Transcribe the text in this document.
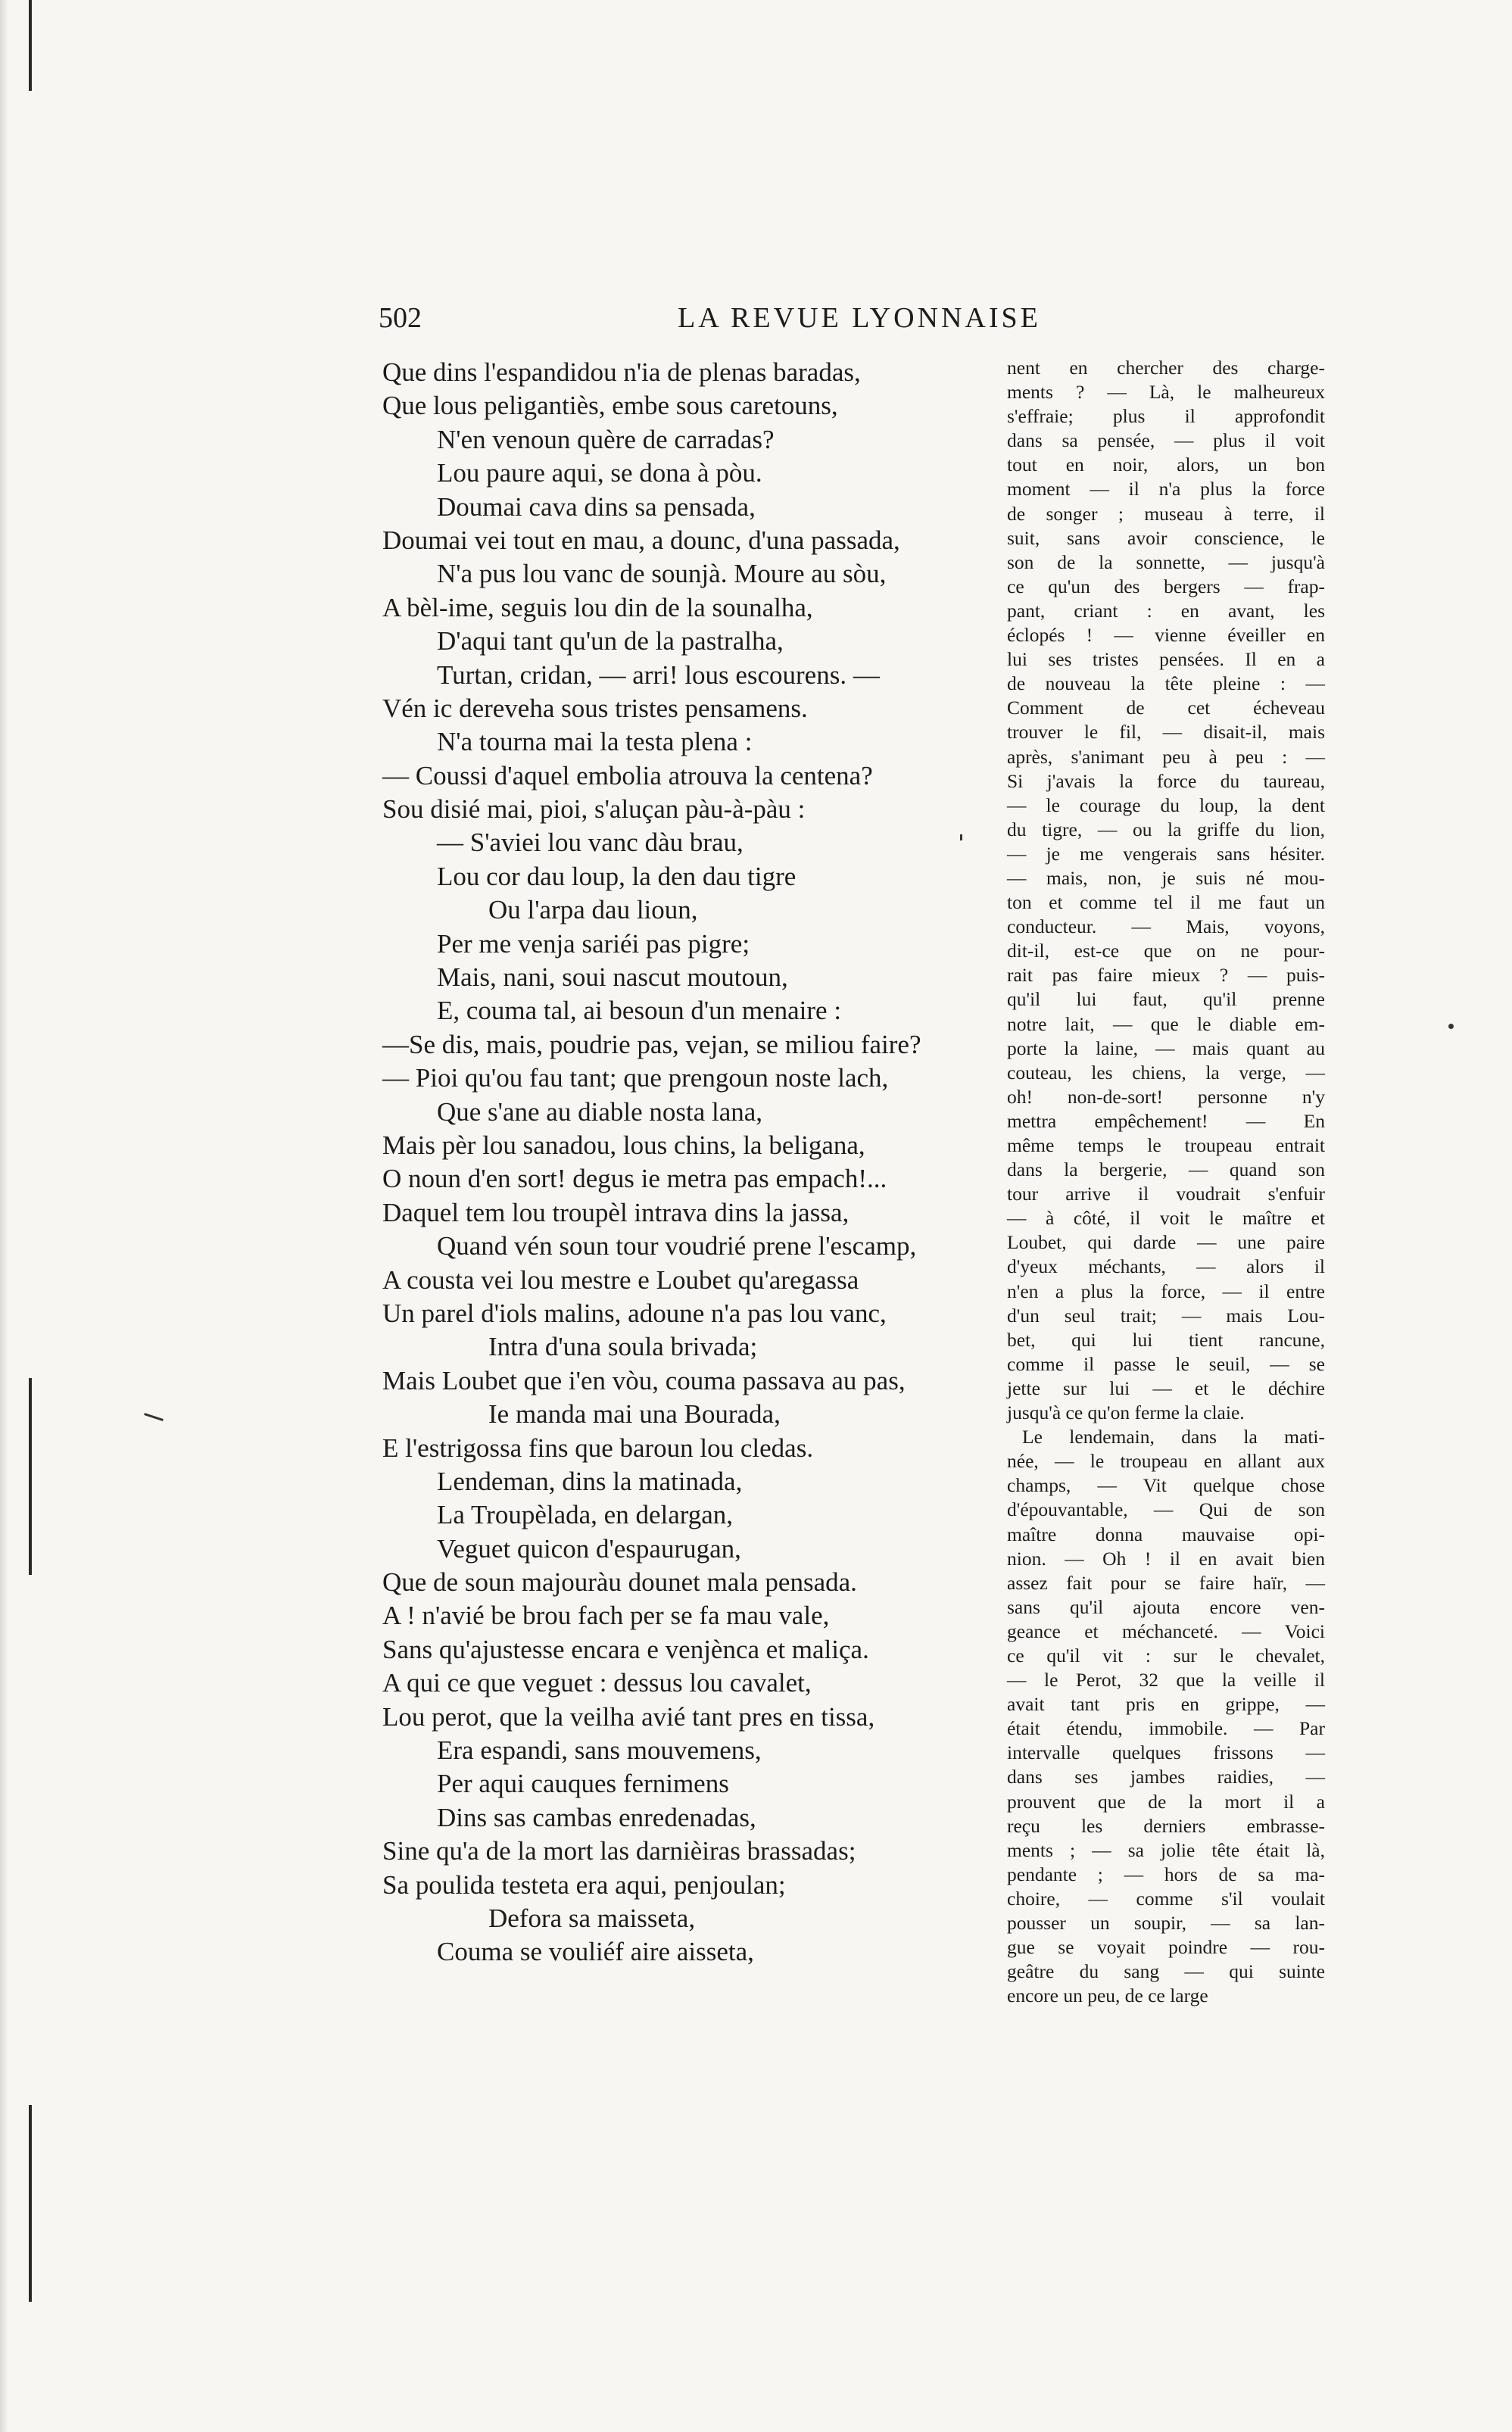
502	LA REVUE LYONNAISE
Que dins l'espandidou n'ia de plenas baradas,
Que lous peligantiès, embe sous caretouns,
N'en venoun quère de carradas?
Lou paure aqui, se dona à pòu.
Doumai cava dins sa pensada,
Doumai vei tout en mau, a dounc, d'una passada,
N'a pus lou vanc de sounjà. Moure au sòu,
A bèl-ime, seguis lou din de la sounalha,
D'aqui tant qu'un de la pastralha,
Turtan, cridan, — arri! lous escourens. —
Vén ic dereveha sous tristes pensamens.
N'a tourna mai la testa plena :
— Coussi d'aquel embolia atrouva la centena?
Sou disié mai, pioi, s'aluçan pàu-à-pàu :
— S'aviei lou vanc dàu brau,
Lou cor dau loup, la den dau tigre
Ou l'arpa dau lioun,
Per me venja sariéi pas pigre;
Mais, nani, soui nascut moutoun,
E, couma tal, ai besoun d'un menaire :
—Se dis, mais, poudrie pas, vejan, se miliou faire?
— Pioi qu'ou fau tant; que prengoun noste lach,
Que s'ane au diable nosta lana,
Mais pèr lou sanadou, lous chins, la beligana,
O noun d'en sort! degus ie metra pas empach!...
Daquel tem lou troupèl intrava dins la jassa,
Quand vén soun tour voudrié prene l'escamp,
A cousta vei lou mestre e Loubet qu'aregassa
Un parel d'iols malins, adoune n'a pas lou vanc,
Intra d'una soula brivada;
Mais Loubet que i'en vòu, couma passava au pas,
Ie manda mai una Bourada,
E l'estrigossa fins que baroun lou cledas.
Lendeman, dins la matinada,
La Troupèlada, en delargan,
Veguet quicon d'espaurugan,
Que de soun majouràu dounet mala pensada.
A ! n'avié be brou fach per se fa mau vale,
Sans qu'ajustesse encara e venjènca et maliça.
A qui ce que veguet : dessus lou cavalet,
Lou perot, que la veilha avié tant pres en tissa,
Era espandi, sans mouvemens,
Per aqui cauques fernimens
Dins sas cambas enredenadas,
Sine qu'a de la mort las darnièiras brassadas;
Sa poulida testeta era aqui, penjoulan;
Defora sa maisseta,
Couma se vouliéf aire aisseta,
nent en chercher des charge-
ments ? — Là, le malheureux
s'effraie; plus il approfondit
dans sa pensée, — plus il voit
tout en noir, alors, un bon
moment — il n'a plus la force
de songer ; museau à terre, il
suit, sans avoir conscience, le
son de la sonnette, — jusqu'à
ce qu'un des bergers — frap-
pant, criant : en avant, les
éclopés ! — vienne éveiller en
lui ses tristes pensées. Il en a
de nouveau la tête pleine : —
Comment de cet écheveau
trouver le fil, — disait-il, mais
après, s'animant peu à peu : —
Si j'avais la force du taureau,
— le courage du loup, la dent
du tigre, — ou la griffe du lion,
— je me vengerais sans hésiter.
— mais, non, je suis né mou-
ton et comme tel il me faut un
conducteur. — Mais, voyons,
dit-il, est-ce que on ne pour-
rait pas faire mieux ? — puis-
qu'il lui faut, qu'il prenne
notre lait, — que le diable em-
porte la laine, — mais quant au
couteau, les chiens, la verge, —
oh! non-de-sort! personne n'y
mettra empêchement! — En
même temps le troupeau entrait
dans la bergerie, — quand son
tour arrive il voudrait s'enfuir
— à côté, il voit le maître et
Loubet, qui darde — une paire
d'yeux méchants, — alors il
n'en a plus la force, — il entre
d'un seul trait; — mais Lou-
bet, qui lui tient rancune,
comme il passe le seuil, — se
jette sur lui — et le déchire
jusqu'à ce qu'on ferme la claie.
Le lendemain, dans la mati-
née, — le troupeau en allant aux
champs, — Vit quelque chose
d'épouvantable, — Qui de son
maître donna mauvaise opi-
nion. — Oh ! il en avait bien
assez fait pour se faire haïr, —
sans qu'il ajouta encore ven-
geance et méchanceté. — Voici
ce qu'il vit : sur le chevalet,
— le Perot, 32 que la veille il
avait tant pris en grippe, —
était étendu, immobile. — Par
intervalle quelques frissons —
dans ses jambes raidies, —
prouvent que de la mort il a
reçu les derniers embrasse-
ments ; — sa jolie tête était là,
pendante ; — hors de sa ma-
choire, — comme s'il voulait
pousser un soupir, — sa lan-
gue se voyait poindre — rou-
geâtre du sang — qui suinte
encore un peu, de ce large
